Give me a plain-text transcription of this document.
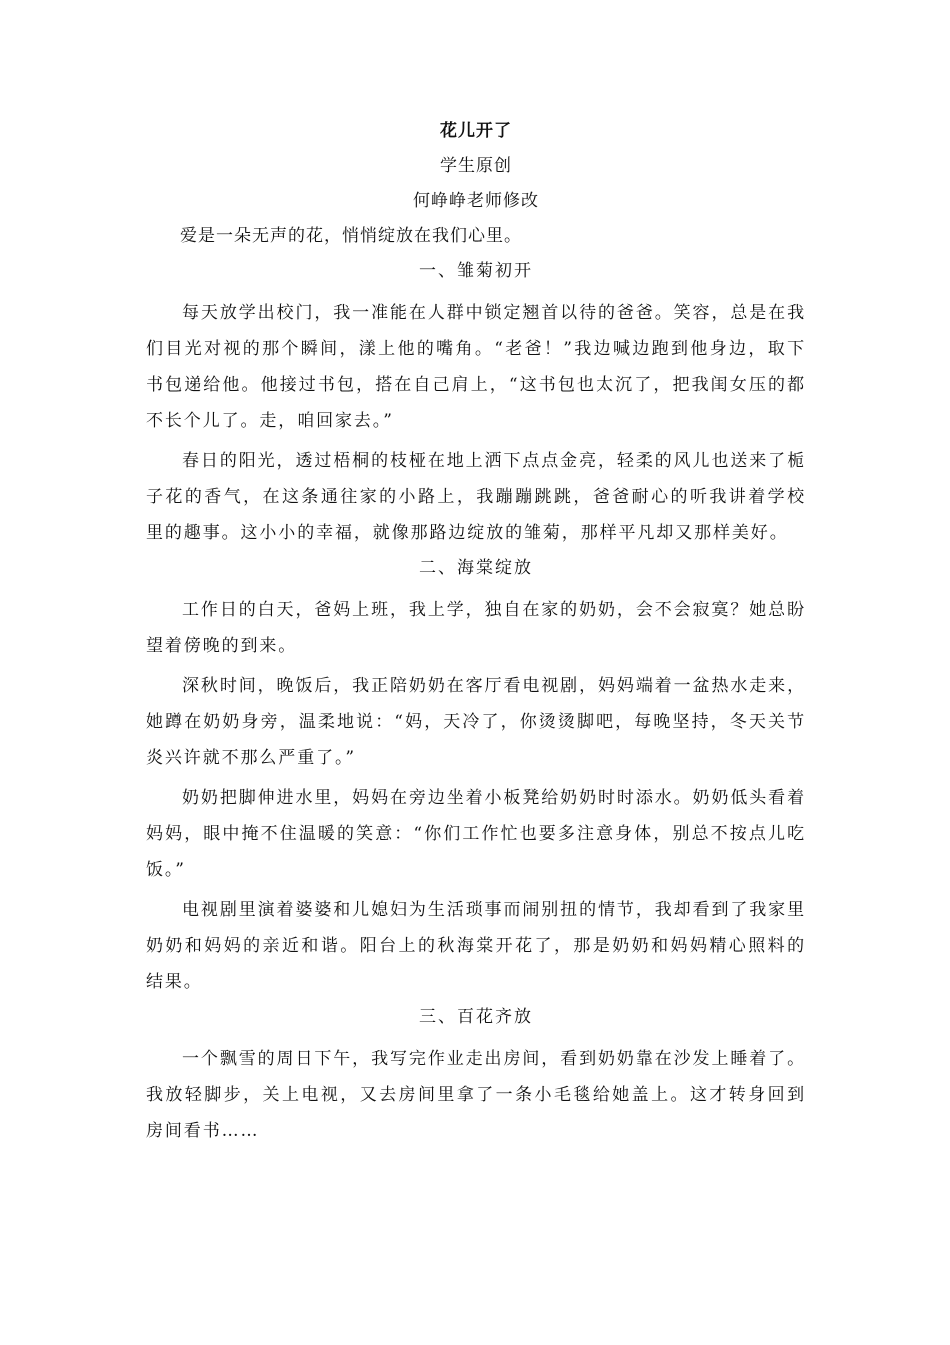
花儿开了
学生原创
何峥峥老师修改
爱是一朵无声的花，悄悄绽放在我们心里。
一、雏菊初开

每天放学出校门，我一准能在人群中锁定翘首以待的爸爸。笑容，总是在我们目光对视的那个瞬间，漾上他的嘴角。“老爸！”我边喊边跑到他身边，取下书包递给他。他接过书包，搭在自己肩上，“这书包也太沉了，把我闺女压的都不长个儿了。走，咱回家去。”

春日的阳光，透过梧桐的枝桠在地上洒下点点金亮，轻柔的风儿也送来了栀子花的香气，在这条通往家的小路上，我蹦蹦跳跳，爸爸耐心的听我讲着学校里的趣事。这小小的幸福，就像那路边绽放的雏菊，那样平凡却又那样美好。

二、海棠绽放

工作日的白天，爸妈上班，我上学，独自在家的奶奶，会不会寂寞？她总盼望着傍晚的到来。

深秋时间，晚饭后，我正陪奶奶在客厅看电视剧，妈妈端着一盆热水走来，她蹲在奶奶身旁，温柔地说：“妈，天冷了，你烫烫脚吧，每晚坚持，冬天关节炎兴许就不那么严重了。”

奶奶把脚伸进水里，妈妈在旁边坐着小板凳给奶奶时时添水。奶奶低头看着妈妈，眼中掩不住温暖的笑意：“你们工作忙也要多注意身体，别总不按点儿吃饭。”

电视剧里演着婆婆和儿媳妇为生活琐事而闹别扭的情节，我却看到了我家里奶奶和妈妈的亲近和谐。阳台上的秋海棠开花了，那是奶奶和妈妈精心照料的结果。

三、百花齐放

一个飘雪的周日下午，我写完作业走出房间，看到奶奶靠在沙发上睡着了。我放轻脚步，关上电视，又去房间里拿了一条小毛毯给她盖上。这才转身回到房间看书……
